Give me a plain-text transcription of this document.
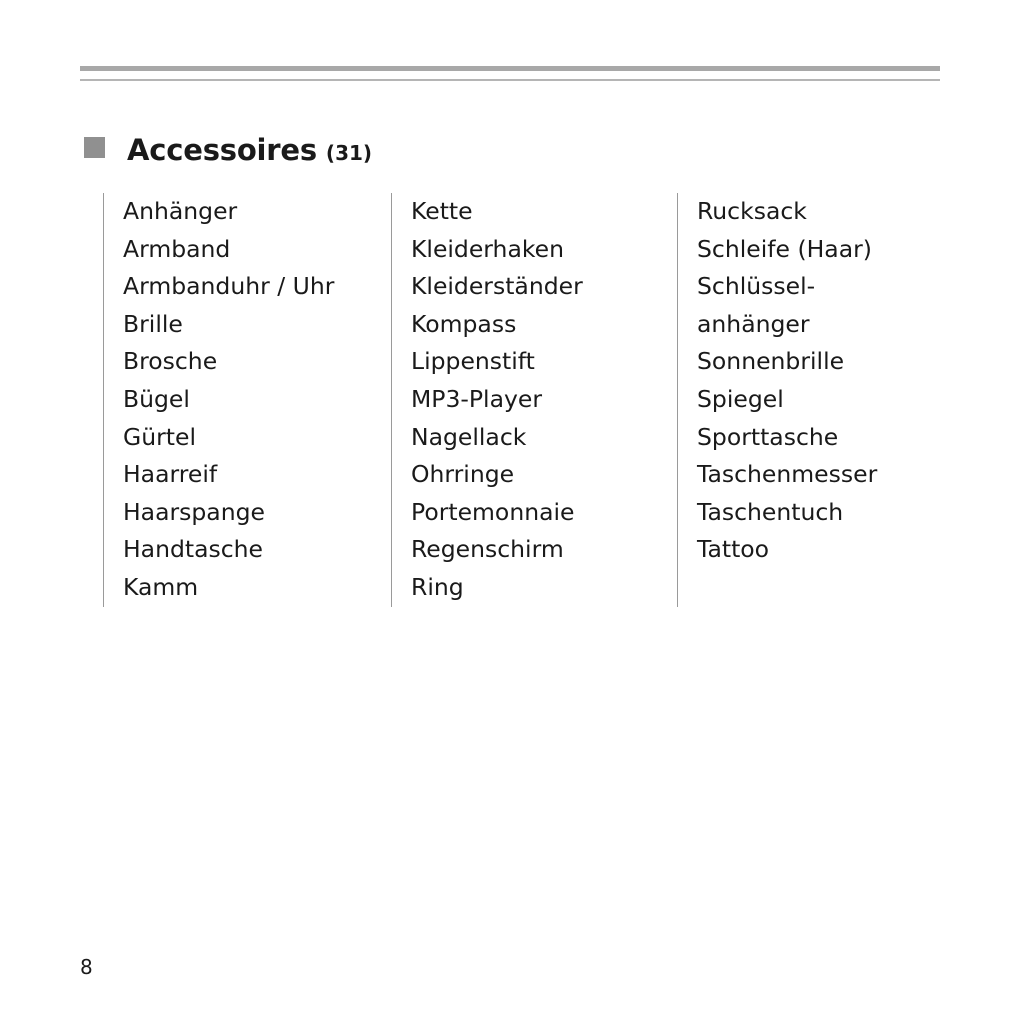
Accessoires (31)
Anhänger
Armband
Armbanduhr / Uhr
Brille
Brosche
Bügel
Gürtel
Haarreif
Haarspange
Handtasche
Kamm
Kette
Kleiderhaken
Kleiderständer
Kompass
Lippenstift
MP3-Player
Nagellack
Ohrringe
Portemonnaie
Regenschirm
Ring
Rucksack
Schleife (Haar)
Schlüssel-
anhänger
Sonnenbrille
Spiegel
Sporttasche
Taschenmesser
Taschentuch
Tattoo
8
